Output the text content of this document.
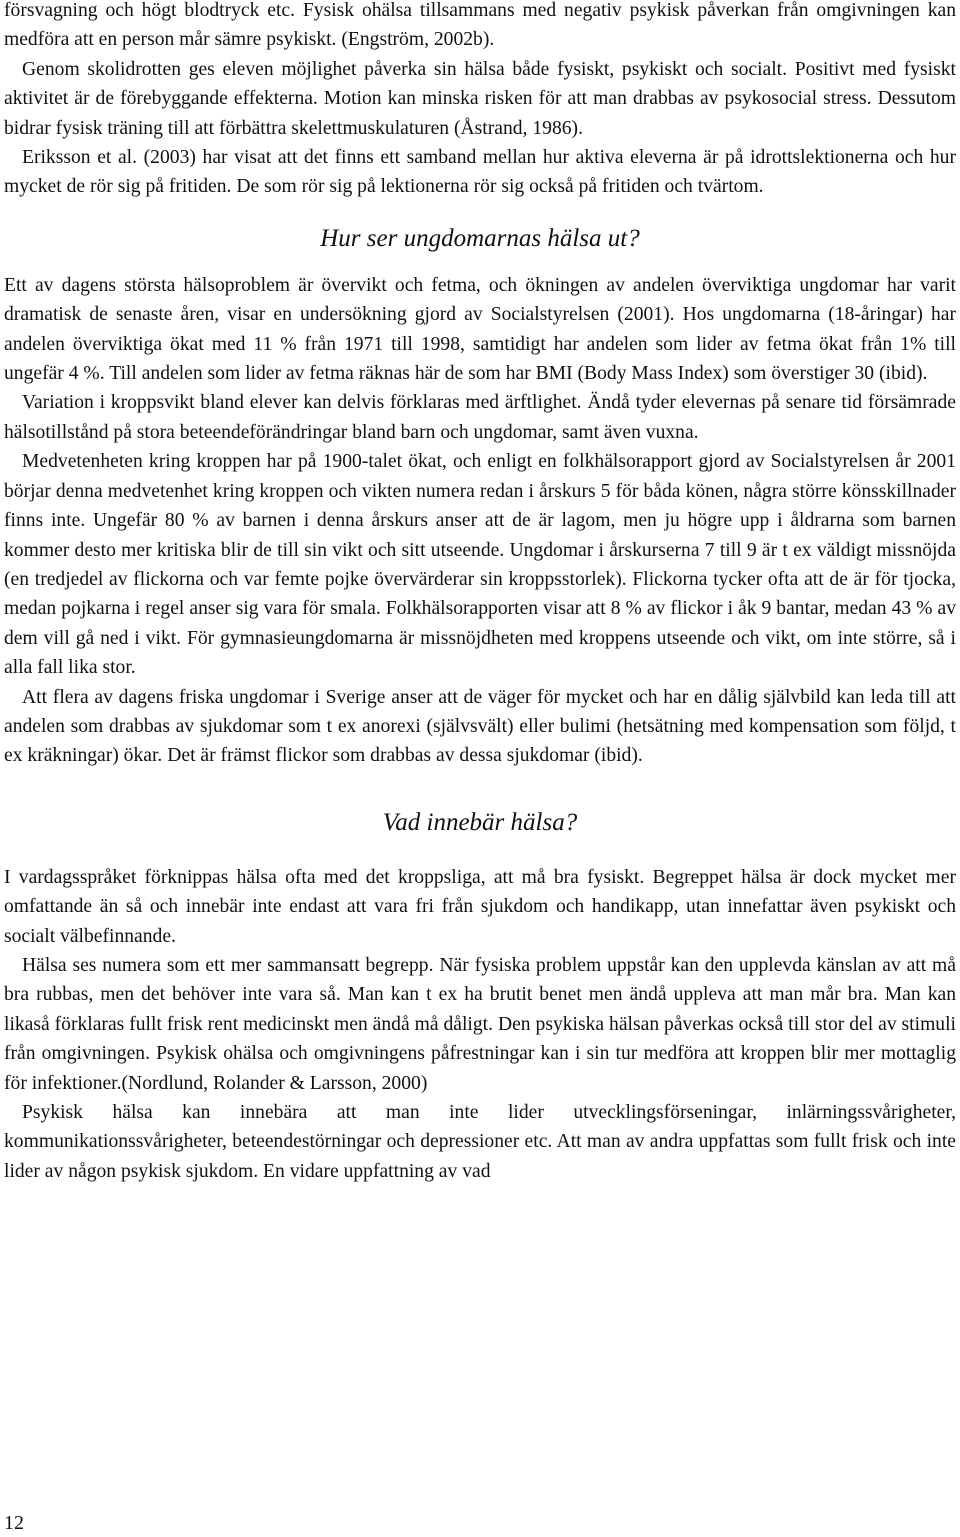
försvagning och högt blodtryck etc. Fysisk ohälsa tillsammans med negativ psykisk påverkan från omgivningen kan medföra att en person mår sämre psykiskt. (Engström, 2002b).

Genom skolidrotten ges eleven möjlighet påverka sin hälsa både fysiskt, psykiskt och socialt. Positivt med fysiskt aktivitet är de förebyggande effekterna. Motion kan minska risken för att man drabbas av psykosocial stress. Dessutom bidrar fysisk träning till att förbättra skelettmuskulaturen (Åstrand, 1986).

Eriksson et al. (2003) har visat att det finns ett samband mellan hur aktiva eleverna är på idrottslektionerna och hur mycket de rör sig på fritiden. De som rör sig på lektionerna rör sig också på fritiden och tvärtom.

Hur ser ungdomarnas hälsa ut?

Ett av dagens största hälsoproblem är övervikt och fetma, och ökningen av andelen överviktiga ungdomar har varit dramatisk de senaste åren, visar en undersökning gjord av Socialstyrelsen (2001). Hos ungdomarna (18-åringar) har andelen överviktiga ökat med 11 % från 1971 till 1998, samtidigt har andelen som lider av fetma ökat från 1% till ungefär 4 %. Till andelen som lider av fetma räknas här de som har BMI (Body Mass Index) som överstiger 30 (ibid).

Variation i kroppsvikt bland elever kan delvis förklaras med ärftlighet. Ändå tyder elevernas på senare tid försämrade hälsotillstånd på stora beteendeförändringar bland barn och ungdomar, samt även vuxna.

Medvetenheten kring kroppen har på 1900-talet ökat, och enligt en folkhälsorapport gjord av Socialstyrelsen år 2001 börjar denna medvetenhet kring kroppen och vikten numera redan i årskurs 5 för båda könen, några större könsskillnader finns inte. Ungefär 80 % av barnen i denna årskurs anser att de är lagom, men ju högre upp i åldrarna som barnen kommer desto mer kritiska blir de till sin vikt och sitt utseende. Ungdomar i årskurserna 7 till 9 är t ex väldigt missnöjda (en tredjedel av flickorna och var femte pojke övervärderar sin kroppsstorlek). Flickorna tycker ofta att de är för tjocka, medan pojkarna i regel anser sig vara för smala. Folkhälsorapporten visar att 8 % av flickor i åk 9 bantar, medan 43 % av dem vill gå ned i vikt. För gymnasieungdomarna är missnöjdheten med kroppens utseende och vikt, om inte större, så i alla fall lika stor.

Att flera av dagens friska ungdomar i Sverige anser att de väger för mycket och har en dålig självbild kan leda till att andelen som drabbas av sjukdomar som t ex anorexi (självsvält) eller bulimi (hetsätning med kompensation som följd, t ex kräkningar) ökar. Det är främst flickor som drabbas av dessa sjukdomar (ibid).

Vad innebär hälsa?

I vardagsspråket förknippas hälsa ofta med det kroppsliga, att må bra fysiskt. Begreppet hälsa är dock mycket mer omfattande än så och innebär inte endast att vara fri från sjukdom och handikapp, utan innefattar även psykiskt och socialt välbefinnande.

Hälsa ses numera som ett mer sammansatt begrepp. När fysiska problem uppstår kan den upplevda känslan av att må bra rubbas, men det behöver inte vara så. Man kan t ex ha brutit benet men ändå uppleva att man mår bra. Man kan likaså förklaras fullt frisk rent medicinskt men ändå må dåligt. Den psykiska hälsan påverkas också till stor del av stimuli från omgivningen. Psykisk ohälsa och omgivningens påfrestningar kan i sin tur medföra att kroppen blir mer mottaglig för infektioner.(Nordlund, Rolander & Larsson, 2000)

Psykisk hälsa kan innebära att man inte lider utvecklingsförseningar, inlärningssvårigheter, kommunikationssvårigheter, beteendestörningar och depressioner etc. Att man av andra uppfattas som fullt frisk och inte lider av någon psykisk sjukdom. En vidare uppfattning av vad

12
